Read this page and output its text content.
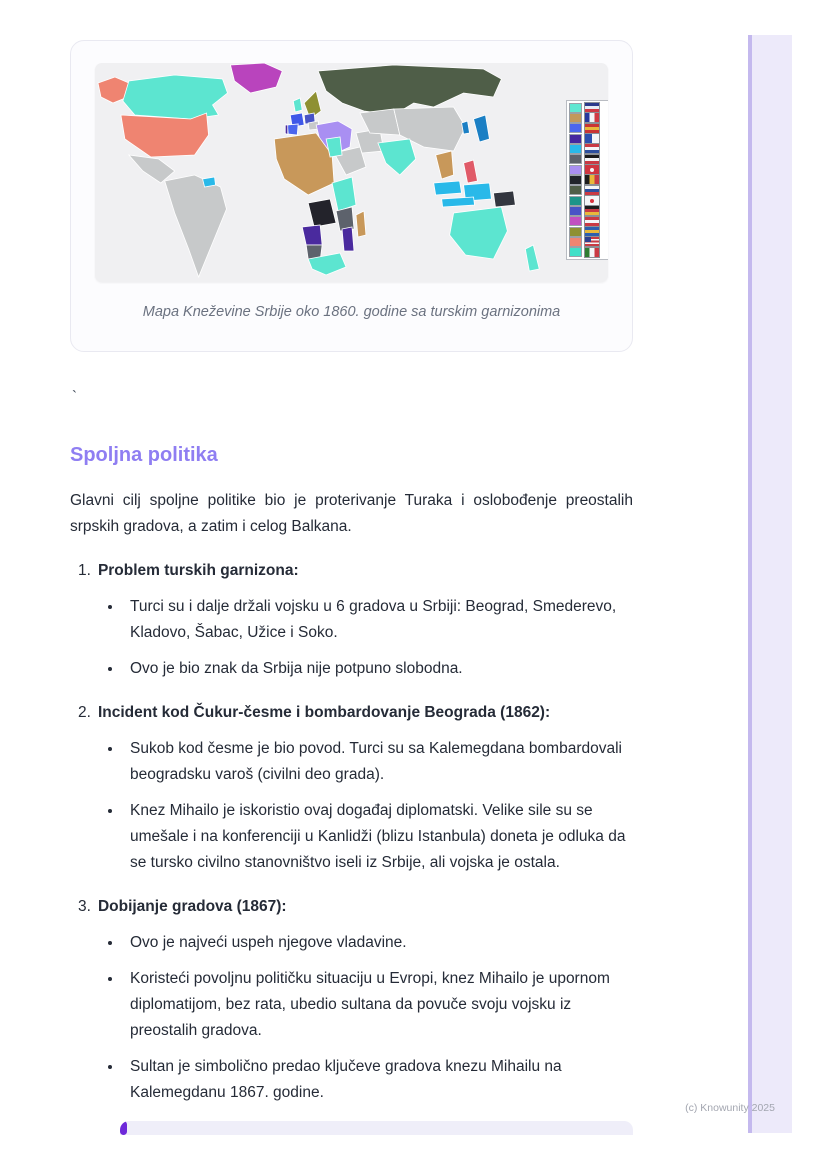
Mapa Kneževine Srbije oko 1860. godine sa turskim garnizonima
`
Spoljna politika

Glavni cilj spoljne politike bio je proterivanje Turaka i oslobođenje preostalih srpskih gradova, a zatim i celog Balkana.

1. Problem turskih garnizona:
• Turci su i dalje držali vojsku u 6 gradova u Srbiji: Beograd, Smederevo, Kladovo, Šabac, Užice i Soko.
• Ovo je bio znak da Srbija nije potpuno slobodna.
2. Incident kod Čukur-česme i bombardovanje Beograda (1862):
• Sukob kod česme je bio povod. Turci su sa Kalemegdana bombardovali beogradsku varoš (civilni deo grada).
• Knez Mihailo je iskoristio ovaj događaj diplomatski. Velike sile su se umešale i na konferenciji u Kanlidži (blizu Istanbula) doneta je odluka da se tursko civilno stanovništvo iseli iz Srbije, ali vojska je ostala.
3. Dobijanje gradova (1867):
• Ovo je najveći uspeh njegove vladavine.
• Koristeći povoljnu političku situaciju u Evropi, knez Mihailo je upornom diplomatijom, bez rata, ubedio sultana da povuče svoju vojsku iz preostalih gradova.
• Sultan je simbolično predao ključeve gradova knezu Mihailu na Kalemegdanu 1867. godine.
(c) Knowunity 2025
